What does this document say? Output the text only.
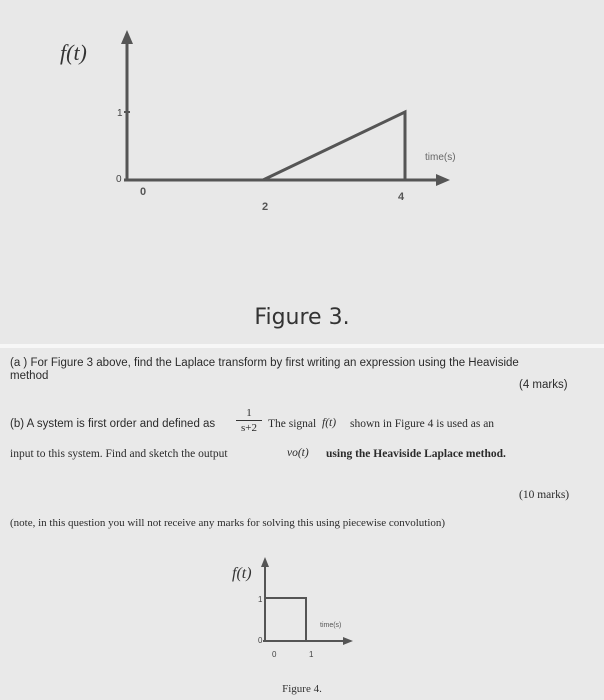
f(t)
1
0
0
2
4
time(s)
Figure 3.
(a ) For Figure 3 above, find the Laplace transform by first writing an expression using the Heaviside
method
(4 marks)
(b) A system is first order and defined as
1
s+2 The signal f(t) shown in Figure 4 is used as an
input to this system. Find and sketch the output	vo(t) using the Heaviside Laplace method.
(10 marks)
(note, in this question you will not receive any marks for solving this using piecewise convolution)
f(t)
1
0
0	1
time(s)
Figure 4.
